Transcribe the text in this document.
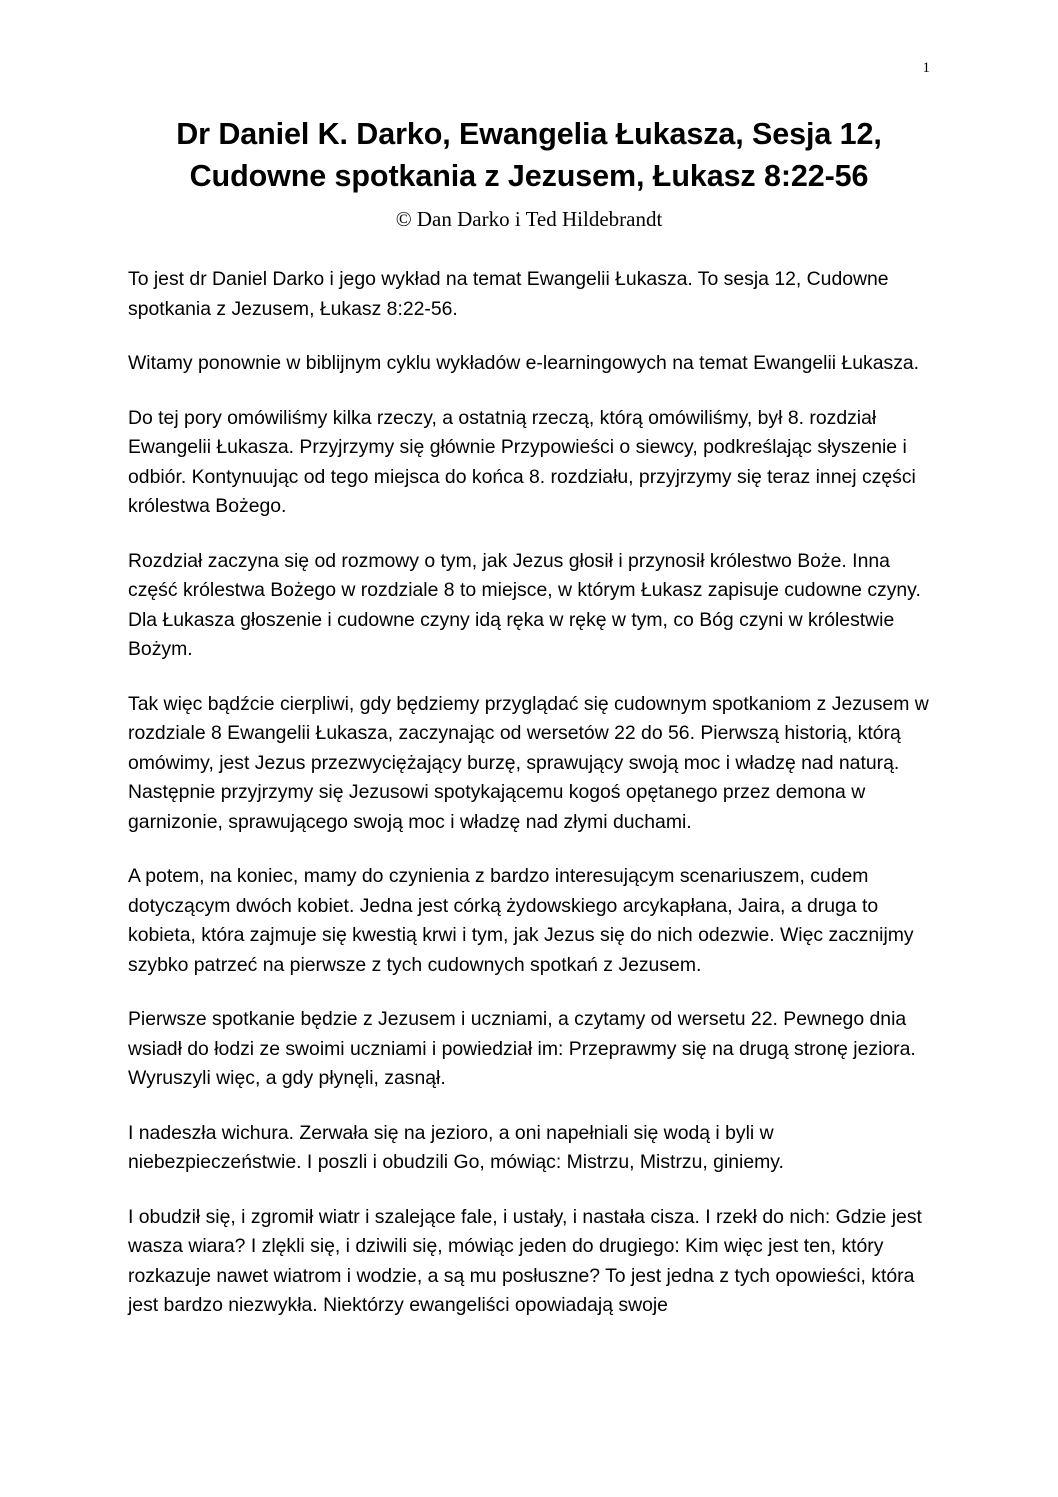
1
Dr Daniel K. Darko, Ewangelia Łukasza, Sesja 12, Cudowne spotkania z Jezusem, Łukasz 8:22-56
© Dan Darko i Ted Hildebrandt

To jest dr Daniel Darko i jego wykład na temat Ewangelii Łukasza. To sesja 12, Cudowne spotkania z Jezusem, Łukasz 8:22-56.

Witamy ponownie w biblijnym cyklu wykładów e-learningowych na temat Ewangelii Łukasza.

Do tej pory omówiliśmy kilka rzeczy, a ostatnią rzeczą, którą omówiliśmy, był 8. rozdział Ewangelii Łukasza. Przyjrzymy się głównie Przypowieści o siewcy, podkreślając słyszenie i odbiór. Kontynuując od tego miejsca do końca 8. rozdziału, przyjrzymy się teraz innej części królestwa Bożego.

Rozdział zaczyna się od rozmowy o tym, jak Jezus głosił i przynosił królestwo Boże. Inna część królestwa Bożego w rozdziale 8 to miejsce, w którym Łukasz zapisuje cudowne czyny. Dla Łukasza głoszenie i cudowne czyny idą ręka w rękę w tym, co Bóg czyni w królestwie Bożym.

Tak więc bądźcie cierpliwi, gdy będziemy przyglądać się cudownym spotkaniom z Jezusem w rozdziale 8 Ewangelii Łukasza, zaczynając od wersetów 22 do 56. Pierwszą historią, którą omówimy, jest Jezus przezwyciężający burzę, sprawujący swoją moc i władzę nad naturą. Następnie przyjrzymy się Jezusowi spotykającemu kogoś opętanego przez demona w garnizonie, sprawującego swoją moc i władzę nad złymi duchami.

A potem, na koniec, mamy do czynienia z bardzo interesującym scenariuszem, cudem dotyczącym dwóch kobiet. Jedna jest córką żydowskiego arcykapłana, Jaira, a druga to kobieta, która zajmuje się kwestią krwi i tym, jak Jezus się do nich odezwie. Więc zacznijmy szybko patrzeć na pierwsze z tych cudownych spotkań z Jezusem.

Pierwsze spotkanie będzie z Jezusem i uczniami, a czytamy od wersetu 22. Pewnego dnia wsiadł do łodzi ze swoimi uczniami i powiedział im: Przeprawmy się na drugą stronę jeziora. Wyruszyli więc, a gdy płynęli, zasnął.

I nadeszła wichura. Zerwała się na jezioro, a oni napełniali się wodą i byli w niebezpieczeństwie. I poszli i obudzili Go, mówiąc: Mistrzu, Mistrzu, giniemy.

I obudził się, i zgromił wiatr i szalejące fale, i ustały, i nastała cisza. I rzekł do nich: Gdzie jest wasza wiara? I zlękli się, i dziwili się, mówiąc jeden do drugiego: Kim więc jest ten, który rozkazuje nawet wiatrom i wodzie, a są mu posłuszne? To jest jedna z tych opowieści, która jest bardzo niezwykła. Niektórzy ewangeliści opowiadają swoje
